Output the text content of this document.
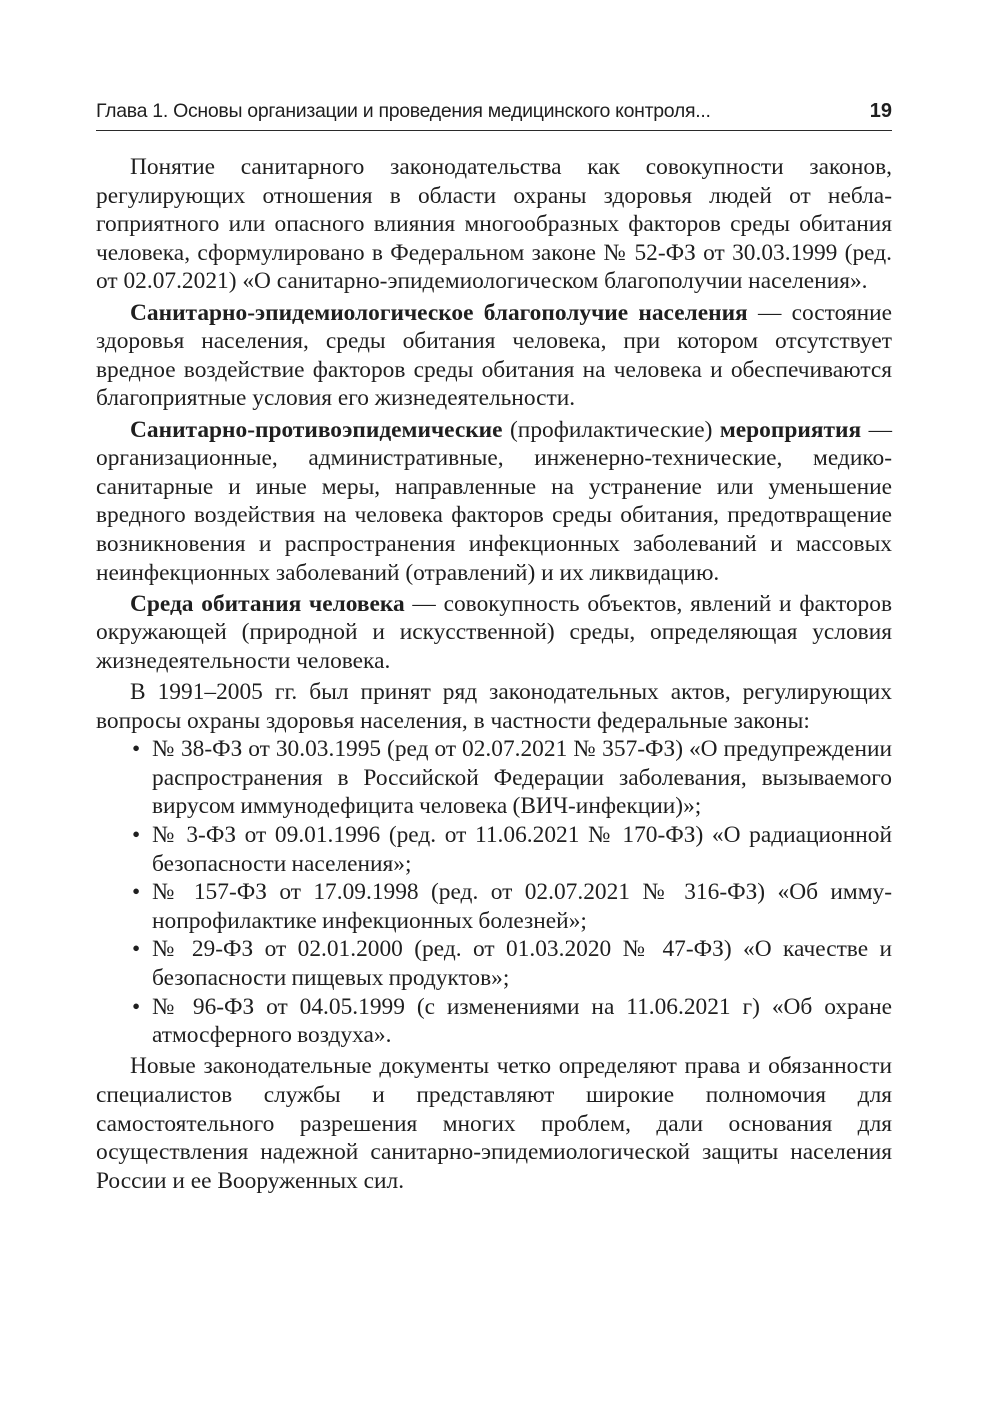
Глава 1. Основы организации и проведения медицинского контроля...	19

Понятие санитарного законодательства как совокупности законов, регулирующих отношения в области охраны здоровья людей от неблагоприятного или опасного влияния многообразных факторов среды обитания человека, сформулировано в Федеральном законе № 52-ФЗ от 30.03.1999 (ред. от 02.07.2021) «О санитарно-эпидемиологическом благополучии населения».

Санитарно-эпидемиологическое благополучие населения — состояние здоровья населения, среды обитания человека, при котором отсутствует вредное воздействие факторов среды обитания на человека и обеспечиваются благоприятные условия его жизнедеятельности.

Санитарно-противоэпидемические (профилактические) мероприятия — организационные, административные, инженерно-технические, медико-санитарные и иные меры, направленные на устранение или уменьшение вредного воздействия на человека факторов среды обитания, предотвращение возникновения и распространения инфекционных заболеваний и массовых неинфекционных заболеваний (отравлений) и их ликвидацию.

Среда обитания человека — совокупность объектов, явлений и факторов окружающей (природной и искусственной) среды, определяющая условия жизнедеятельности человека.

В 1991–2005 гг. был принят ряд законодательных актов, регулирующих вопросы охраны здоровья населения, в частности федеральные законы:

• № 38-ФЗ от 30.03.1995 (ред от 02.07.2021 № 357-ФЗ) «О предупреждении распространения в Российской Федерации заболевания, вызываемого вирусом иммунодефицита человека (ВИЧ-инфекции)»;
• № 3-ФЗ от 09.01.1996 (ред. от 11.06.2021 № 170-ФЗ) «О радиационной безопасности населения»;
• № 157-ФЗ от 17.09.1998 (ред. от 02.07.2021 № 316-ФЗ) «Об иммунопрофилактике инфекционных болезней»;
• № 29-ФЗ от 02.01.2000 (ред. от 01.03.2020 № 47-ФЗ) «О качестве и безопасности пищевых продуктов»;
• № 96-ФЗ от 04.05.1999 (с изменениями на 11.06.2021 г) «Об охране атмосферного воздуха».

Новые законодательные документы четко определяют права и обязанности специалистов службы и представляют широкие полномочия для самостоятельного разрешения многих проблем, дали основания для осуществления надежной санитарно-эпидемиологической защиты населения России и ее Вооруженных сил.
